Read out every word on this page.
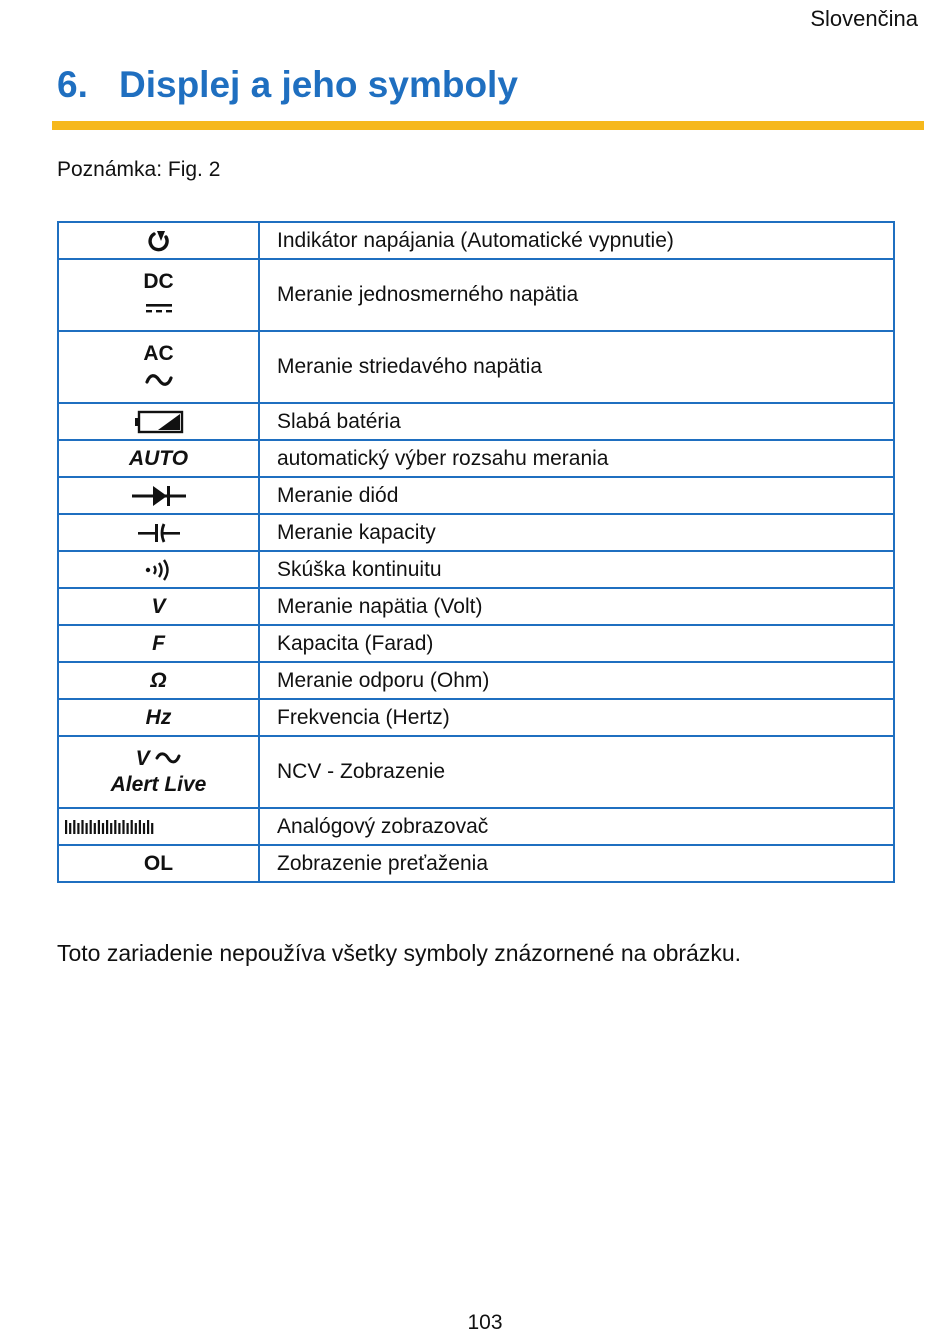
Slovenčina
6. Displej a jeho symboly
Poznámka: Fig. 2
	Indikátor napájania (Automatické vypnutie)

DC	Meranie jednosmerného napätia

AC	Meranie striedavého napätia
	Slabá batéria
AUTO	automatický výber rozsahu merania
	Meranie diód
	Meranie kapacity
	Skúška kontinuitu
V	Meranie napätia (Volt)
F	Kapacita (Farad)
Ω	Meranie odporu (Ohm)
Hz	Frekvencia (Hertz)

V
Alert Live	NCV - Zobrazenie
	Analógový zobrazovač
OL	Zobrazenie preťaženia
Toto zariadenie nepoužíva všetky symboly znázornené na obrázku.
103
